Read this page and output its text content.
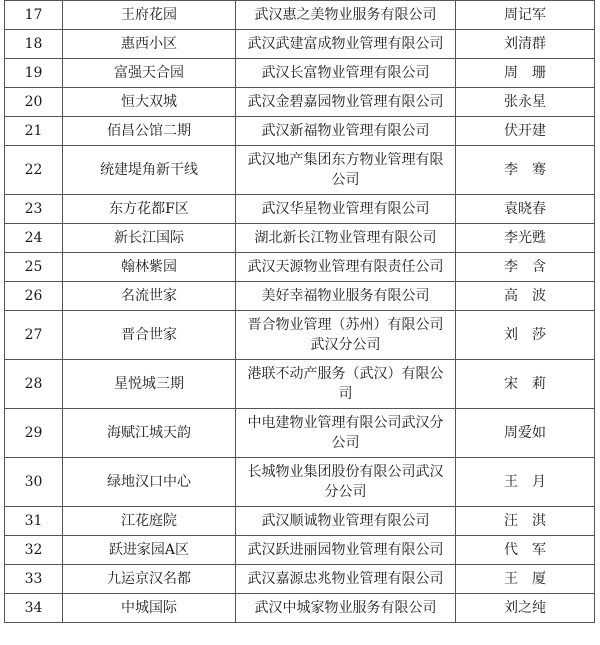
17	王府花园	武汉惠之美物业服务有限公司	周记军
18	惠西小区	武汉武建富成物业管理有限公司	刘清群
19	富强天合园	武汉长富物业管理有限公司	周　珊
20	恒大双城	武汉金碧嘉园物业管理有限公司	张永星
21	佰昌公馆二期	武汉新福物业管理有限公司	伏开建
22	统建堤角新干线	武汉地产集团东方物业管理有限公司	李　骞
23	东方花都F区	武汉华星物业管理有限公司	袁晓春
24	新长江国际	湖北新长江物业管理有限公司	李光甦
25	翰林紫园	武汉天源物业管理有限责任公司	李　含
26	名流世家	美好幸福物业服务有限公司	高　波
27	晋合世家	晋合物业管理（苏州）有限公司武汉分公司	刘　莎
28	星悦城三期	港联不动产服务（武汉）有限公司	宋　莉
29	海赋江城天韵	中电建物业管理有限公司武汉分公司	周爱如
30	绿地汉口中心	长城物业集团股份有限公司武汉分公司	王　月
31	江花庭院	武汉顺诚物业管理有限公司	汪　淇
32	跃进家园A区	武汉跃进丽园物业管理有限公司	代　军
33	九运京汉名都	武汉嘉源忠兆物业管理有限公司	王　厦
34	中城国际	武汉中城家物业服务有限公司	刘之纯
